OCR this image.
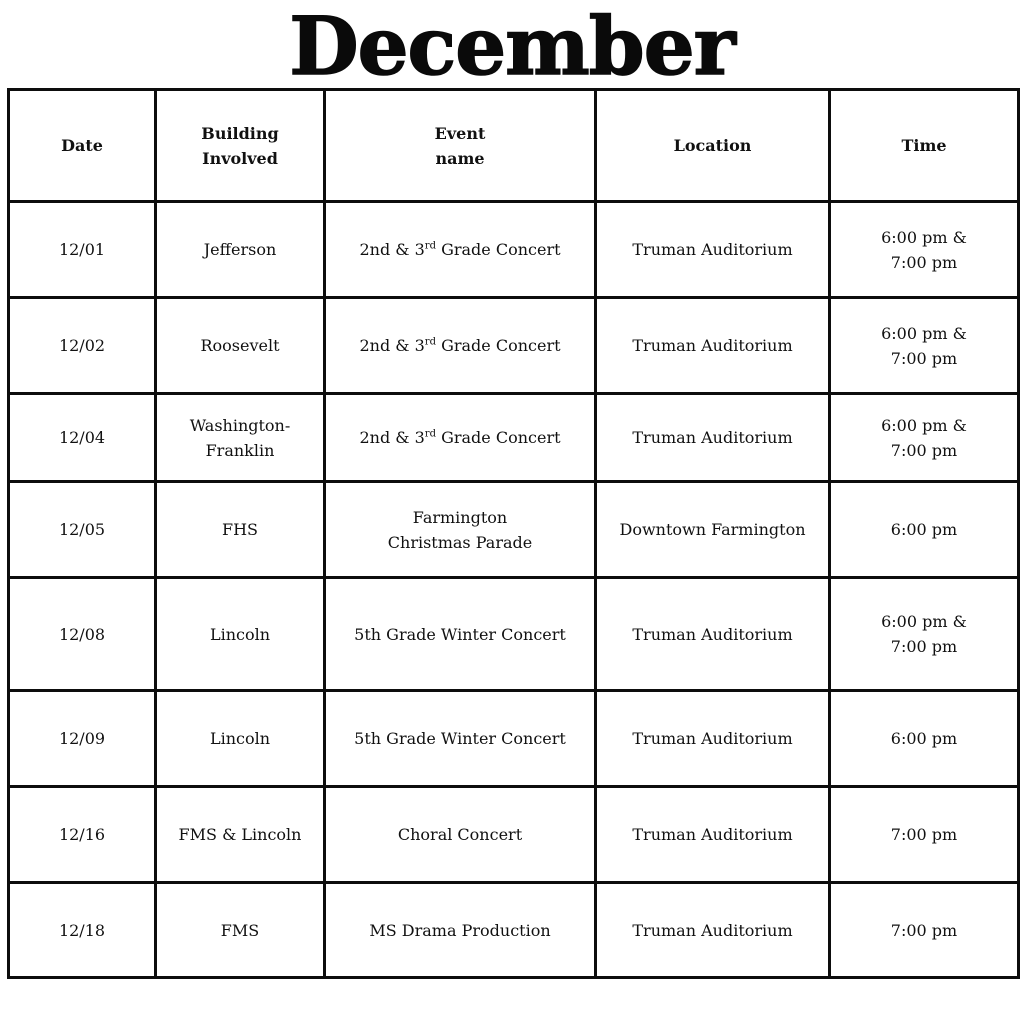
December
Date	Building Involved	Event name	Location	Time
12/01	Jefferson	2nd & 3rd Grade Concert	Truman Auditorium	6:00 pm & 7:00 pm

12/02	Roosevelt	2nd & 3rd Grade Concert	Truman Auditorium	6:00 pm & 7:00 pm

12/04	Washington-Franklin	2nd & 3rd Grade Concert	Truman Auditorium	6:00 pm & 7:00 pm

12/05	FHS	Farmington Christmas Parade	Downtown Farmington	6:00 pm
12/08	Lincoln	5th Grade Winter Concert	Truman Auditorium	6:00 pm & 7:00 pm

12/09	Lincoln	5th Grade Winter Concert	Truman Auditorium	6:00 pm
12/16	FMS & Lincoln	Choral Concert	Truman Auditorium	7:00 pm
12/18	FMS	MS Drama Production	Truman Auditorium	7:00 pm
